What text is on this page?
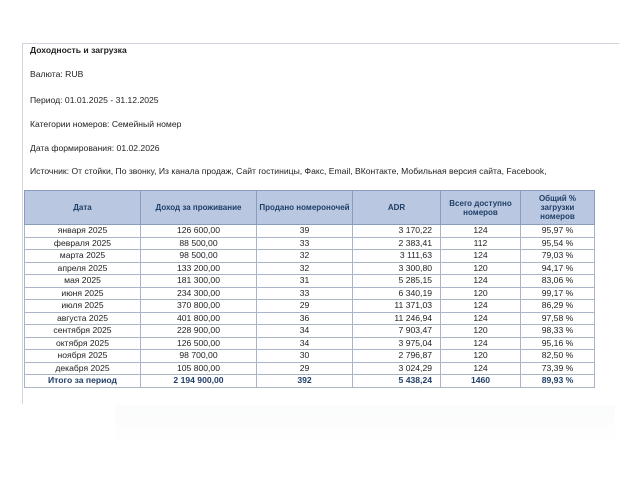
Доходность и загрузка
Валюта: RUB
Период: 01.01.2025 - 31.12.2025
Категории номеров: Семейный номер
Дата формирования: 01.02.2026
Источник: От стойки, По звонку, Из канала продаж, Сайт гостиницы, Факс, Email, ВКонтакте, Мобильная версия сайта, Facebook,
Дата	Доход за проживание	Продано номероночей	ADR	Всего доступно номеров	Общий % загрузки номеров
января 2025	126 600,00	39	3 170,22	124	95,97 %
февраля 2025	88 500,00	33	2 383,41	112	95,54 %
марта 2025	98 500,00	32	3 111,63	124	79,03 %
апреля 2025	133 200,00	32	3 300,80	120	94,17 %
мая 2025	181 300,00	31	5 285,15	124	83,06 %
июня 2025	234 300,00	33	6 340,19	120	99,17 %
июля 2025	370 800,00	29	11 371,03	124	86,29 %
августа 2025	401 800,00	36	11 246,94	124	97,58 %
сентября 2025	228 900,00	34	7 903,47	120	98,33 %
октября 2025	126 500,00	34	3 975,04	124	95,16 %
ноября 2025	98 700,00	30	2 796,87	120	82,50 %
декабря 2025	105 800,00	29	3 024,29	124	73,39 %
Итого за период	2 194 900,00	392	5 438,24	1460	89,93 %
